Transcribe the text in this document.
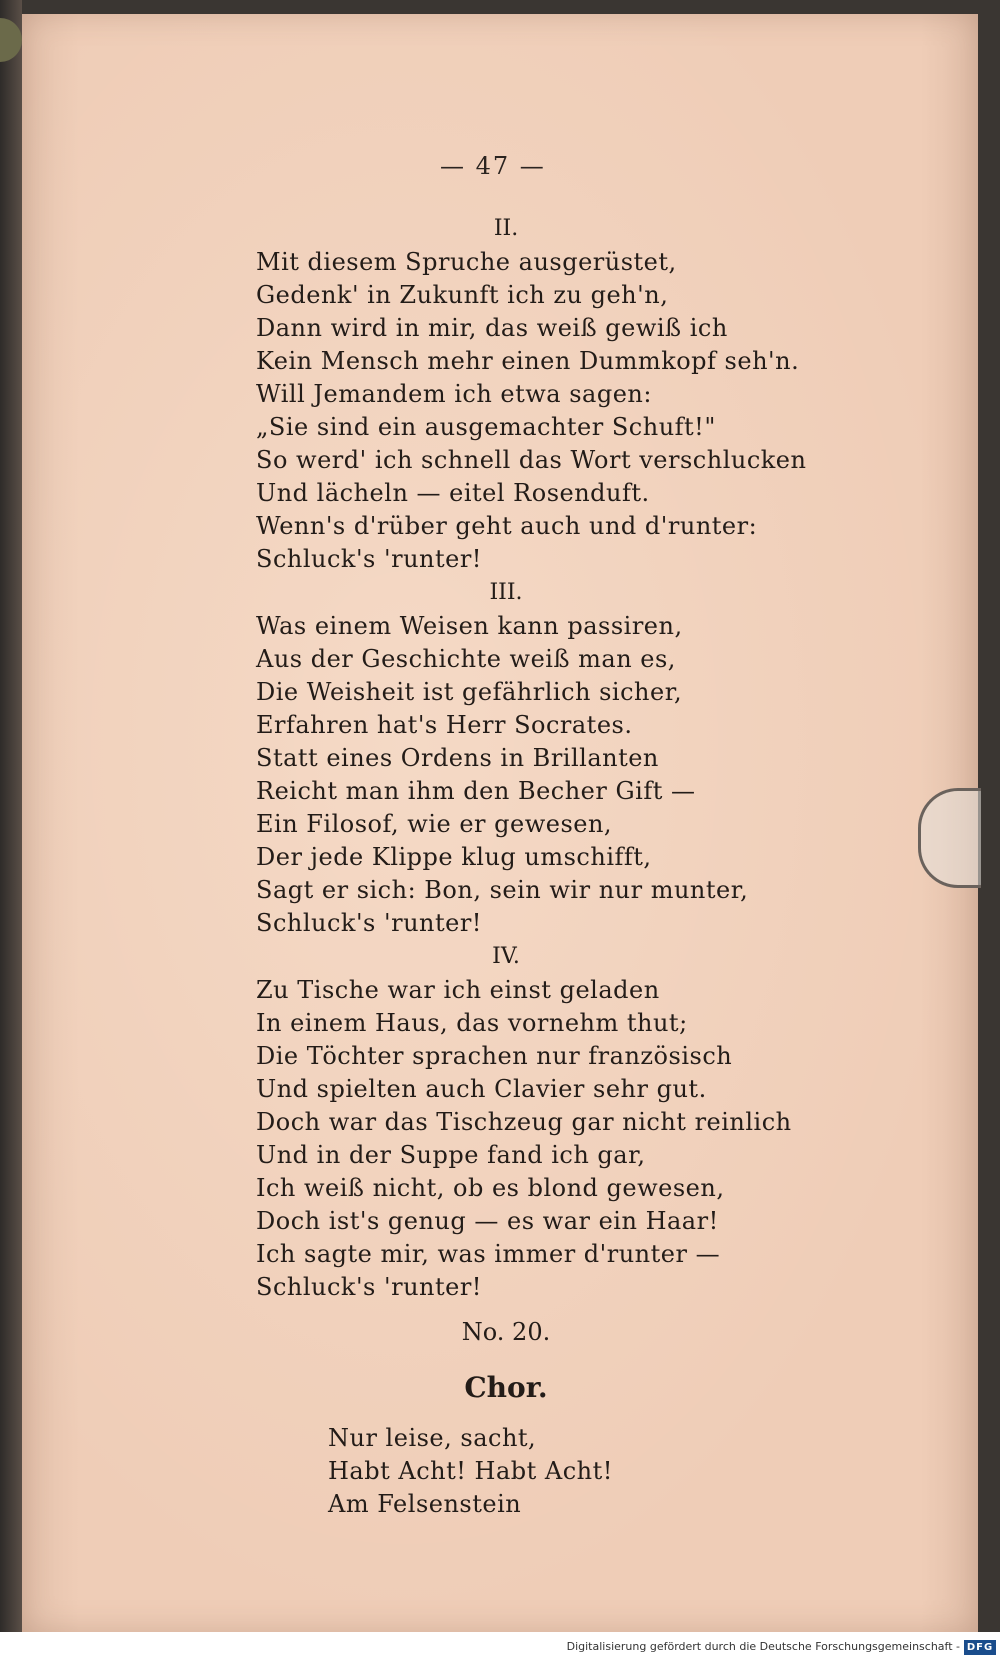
— 47 —
II.
Mit diesem Spruche ausgerüstet,
Gedenk' in Zukunft ich zu geh'n,
Dann wird in mir, das weiß gewiß ich
Kein Mensch mehr einen Dummkopf seh'n.
Will Jemandem ich etwa sagen:
„Sie sind ein ausgemachter Schuft!"
So werd' ich schnell das Wort verschlucken
Und lächeln — eitel Rosenduft.
Wenn's d'rüber geht auch und d'runter:
Schluck's 'runter!
III.
Was einem Weisen kann passiren,
Aus der Geschichte weiß man es,
Die Weisheit ist gefährlich sicher,
Erfahren hat's Herr Socrates.
Statt eines Ordens in Brillanten
Reicht man ihm den Becher Gift —
Ein Filosof, wie er gewesen,
Der jede Klippe klug umschifft,
Sagt er sich: Bon, sein wir nur munter,
Schluck's 'runter!
IV.
Zu Tische war ich einst geladen
In einem Haus, das vornehm thut;
Die Töchter sprachen nur französisch
Und spielten auch Clavier sehr gut.
Doch war das Tischzeug gar nicht reinlich
Und in der Suppe fand ich gar,
Ich weiß nicht, ob es blond gewesen,
Doch ist's genug — es war ein Haar!
Ich sagte mir, was immer d'runter —
Schluck's 'runter!
No. 20.
Chor.
Nur leise, sacht,
Habt Acht! Habt Acht!
Am Felsenstein
Digitalisierung gefördert durch die Deutsche Forschungsgemeinschaft - DFG
